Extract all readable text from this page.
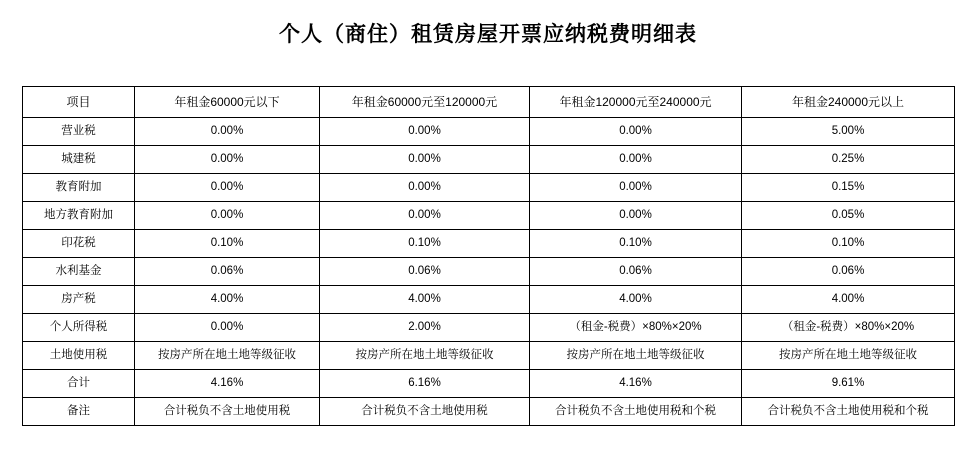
个人（商住）租赁房屋开票应纳税费明细表
项目	年租金60000元以下	年租金60000元至120000元	年租金120000元至240000元	年租金240000元以上
营业税	0.00%	0.00%	0.00%	5.00%
城建税	0.00%	0.00%	0.00%	0.25%
教育附加	0.00%	0.00%	0.00%	0.15%
地方教育附加	0.00%	0.00%	0.00%	0.05%
印花税	0.10%	0.10%	0.10%	0.10%
水利基金	0.06%	0.06%	0.06%	0.06%
房产税	4.00%	4.00%	4.00%	4.00%
个人所得税	0.00%	2.00%	（租金-税费）×80%×20%	（租金-税费）×80%×20%
土地使用税	按房产所在地土地等级征收	按房产所在地土地等级征收	按房产所在地土地等级征收	按房产所在地土地等级征收
合计	4.16%	6.16%	4.16%	9.61%
备注	合计税负不含土地使用税	合计税负不含土地使用税	合计税负不含土地使用税和个税	合计税负不含土地使用税和个税
